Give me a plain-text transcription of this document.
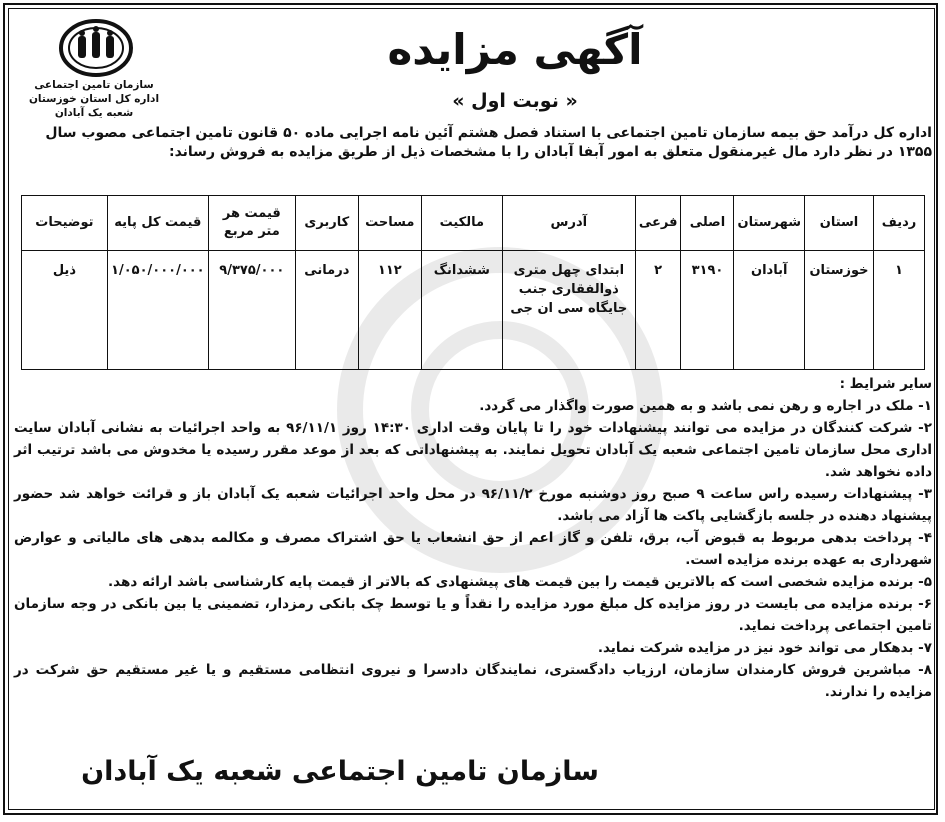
سازمان تامین اجتماعی
اداره کل استان خوزستان
شعبه یک آبادان
آگهی مزایده
« نوبت اول »
اداره کل درآمد حق بیمه سازمان تامین اجتماعی با استناد فصل هشتم آئین نامه اجرایی ماده ۵۰ قانون تامین اجتماعی مصوب سال ۱۳۵۵ در نظر دارد مال غیرمنقول متعلق به امور آبفا آبادان را با مشخصات ذیل از طریق مزایده به فروش رساند:
ردیف	استان	شهرستان	اصلی	فرعی	آدرس	مالکیت	مساحت	کاربری	قیمت هر متر مربع	قیمت کل پایه	توضیحات
۱	خوزستان	آبادان	۳۱۹۰	۲	ابتدای چهل متری ذوالفقاری جنب جایگاه سی ان جی	ششدانگ	۱۱۲	درمانی	۹/۳۷۵/۰۰۰	۱/۰۵۰/۰۰۰/۰۰۰	ذیل

سایر شرایط :

۱- ملک در اجاره و رهن نمی باشد و به همین صورت واگذار می گردد.

۲- شرکت کنندگان در مزایده می توانند پیشنهادات خود را تا پایان وقت اداری ۱۴:۳۰ روز ۹۶/۱۱/۱ به واحد اجرائیات به نشانی آبادان سایت اداری محل سازمان تامین اجتماعی شعبه یک آبادان تحویل نمایند. به پیشنهاداتی که بعد از موعد مقرر رسیده یا مخدوش می باشد ترتیب اثر داده نخواهد شد.

۳- پیشنهادات رسیده راس ساعت ۹ صبح روز دوشنبه مورخ ۹۶/۱۱/۲ در محل واحد اجرائیات شعبه یک آبادان باز و قرائت خواهد شد حضور پیشنهاد دهنده در جلسه بازگشایی پاکت ها آزاد می باشد.

۴- پرداخت بدهی مربوط به قبوض آب، برق، تلفن و گاز اعم از حق انشعاب یا حق اشتراک مصرف و مکالمه بدهی های مالیاتی و عوارض شهرداری به عهده برنده مزایده است.

۵- برنده مزایده شخصی است که بالاترین قیمت را بین قیمت های پیشنهادی که بالاتر از قیمت پایه کارشناسی باشد ارائه دهد.

۶- برنده مزایده می بایست در روز مزایده کل مبلغ مورد مزایده را نقداً و یا توسط چک بانکی رمزدار، تضمینی یا بین بانکی در وجه سازمان تامین اجتماعی پرداخت نماید.

۷- بدهکار می تواند خود نیز در مزایده شرکت نماید.

۸- مباشرین فروش کارمندان سازمان، ارزیاب دادگستری، نمایندگان دادسرا و نیروی انتظامی مستقیم و یا غیر مستقیم حق شرکت در مزایده را ندارند.

سازمان تامین اجتماعی شعبه یک آبادان
